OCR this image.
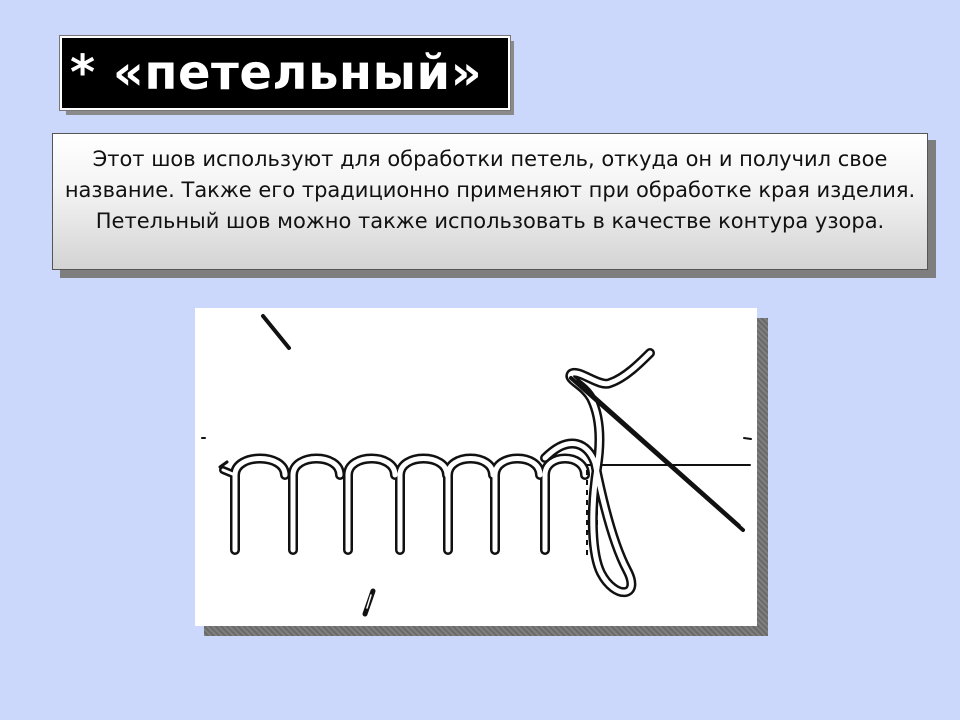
* «петельный»
Этот шов используют для обработки петель, откуда он и получил свое название. Также его традиционно применяют при обработке края изделия. Петельный шов можно также использовать в качестве контура узора.
